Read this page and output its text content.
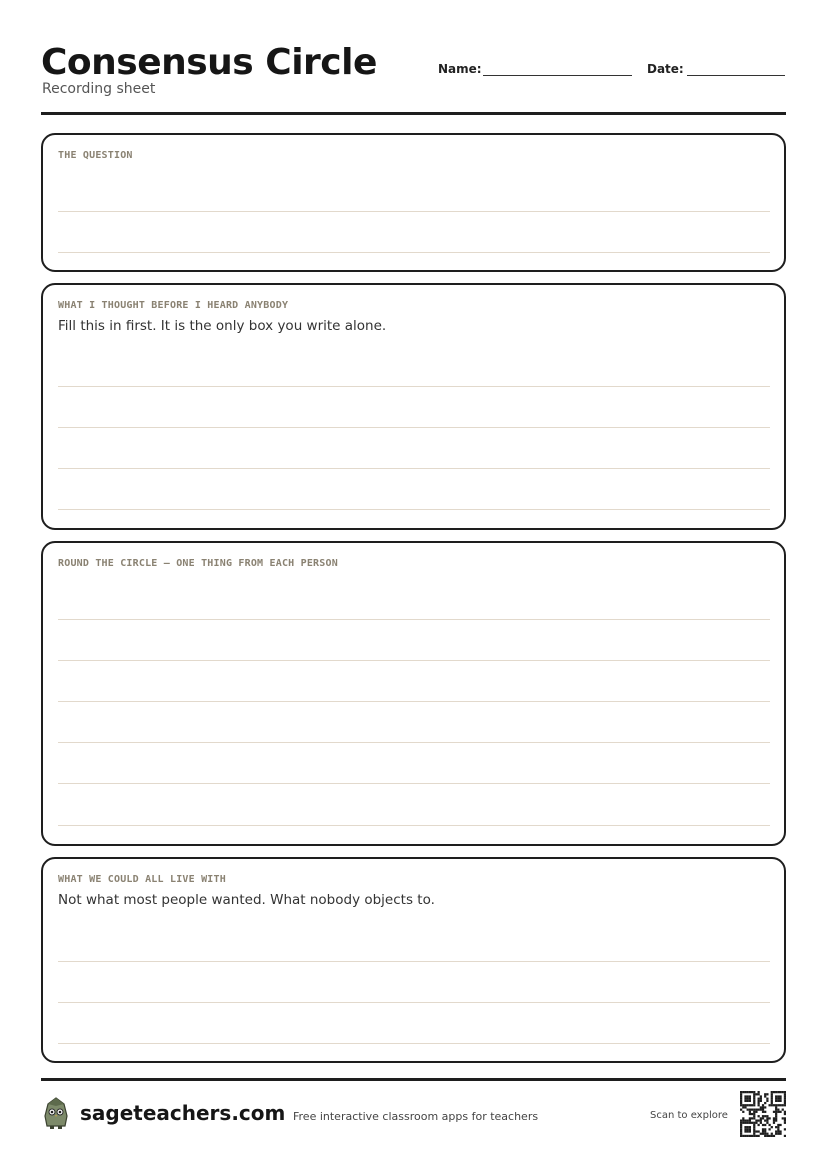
Consensus Circle
Recording sheet
Name:	Date:
THE QUESTION
WHAT I THOUGHT BEFORE I HEARD ANYBODY
Fill this in first. It is the only box you write alone.
ROUND THE CIRCLE — ONE THING FROM EACH PERSON
WHAT WE COULD ALL LIVE WITH
Not what most people wanted. What nobody objects to.
sageteachers.com Free interactive classroom apps for teachers	Scan to explore
